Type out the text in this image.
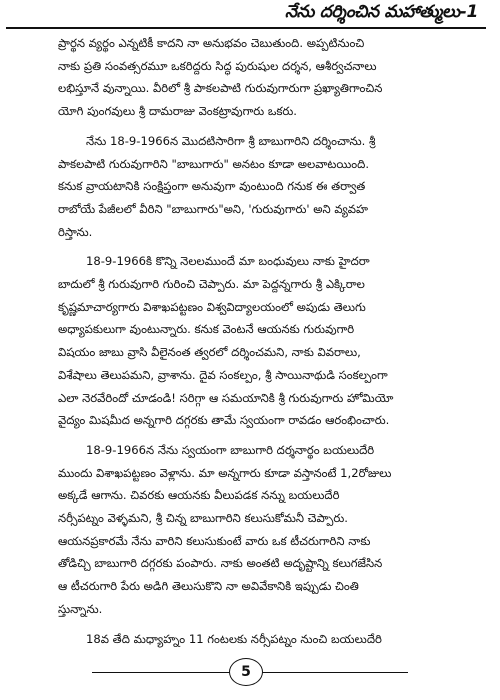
నేను దర్శించిన మహాత్ములు-1
ప్రార్థన వ్యర్థం ఎన్నటికీ కాదని నా అనుభవం చెబుతుంది. అప్పటినుంచి
నాకు ప్రతి సంవత్సరమూ ఒకరిద్దరు సిద్ధ పురుషుల దర్శన, ఆశీర్వచనాలు
లభిస్తూనే వున్నాయి. వీరిలో శ్రీ పాకలపాటి గురువుగారుగా ప్రఖ్యాతిగాంచిన
యోగి పుంగవులు శ్రీ దామరాజు వెంకట్రావుగారు ఒకరు.
నేను 18-9-1966న మొదటిసారిగా శ్రీ బాబుగారిని దర్శించాను. శ్రీ
పాకలపాటి గురువుగారిని "బాబుగారు" అనటం కూడా అలవాటయింది.
కనుక వ్రాయటానికి సంక్షిప్తంగా అనువుగా వుంటుంది గనుక ఈ తర్వాత
రాబోయే పేజీలలో వీరిని "బాబుగారు"అని, 'గురువుగారు' అని వ్యవహ
రిస్తాను.
18-9-1966కి కొన్ని నెలలముందే మా బంధువులు నాకు హైదరా
బాదులో శ్రీ గురువుగారి గురించి చెప్పారు. మా పెద్దన్నగారు శ్రీ ఎక్కిరాల
కృష్ణమాచార్యగారు విశాఖపట్టణం విశ్వవిద్యాలయంలో అపుడు తెలుగు
అధ్యాపకులుగా వుంటున్నారు. కనుక వెంటనే ఆయనకు గురువుగారి
విషయం జాబు వ్రాసి వీలైనంత త్వరలో దర్శించమని, నాకు వివరాలు,
విశేషాలు తెలుపమని, వ్రాశాను. దైవ సంకల్పం, శ్రీ సాయినాథుడి సంకల్పంగా
ఎలా నెరవేరిందో చూడండి! సరిగ్గా ఆ సమయానికి శ్రీ గురువుగారు హోమియో
వైద్యం మిషమీద అన్నగారి దగ్గరకు తామే స్వయంగా రావడం ఆరంభించారు.
18-9-1966న నేను స్వయంగా బాబుగారి దర్శనార్థం బయలుదేరి
ముందు విశాఖపట్టణం వెళ్లాను. మా అన్నగారు కూడా వస్తానంటే 1,2రోజులు
అక్కడే ఆగాను. చివరకు ఆయనకు వీలుపడక నన్ను బయలుదేరి
నర్సీపట్నం వెళ్ళమని, శ్రీ చిన్న బాబుగారిని కలుసుకోమనీ చెప్పారు.
ఆయనప్రకారమే నేను వారిని కలుసుకుంటే వారు ఒక టీచరుగారిని నాకు
తోడిచ్చి బాబుగారి దగ్గరకు పంపారు. నాకు అంతటి అదృష్టాన్ని కలుగజేసిన
ఆ టీచరుగారి పేరు అడిగి తెలుసుకొని నా అవివేకానికి ఇప్పుడు చింతి
స్తున్నాను.
18వ తేది మధ్యాహ్నం 11 గంటలకు నర్సీపట్నం నుంచి బయలుదేరి
5
